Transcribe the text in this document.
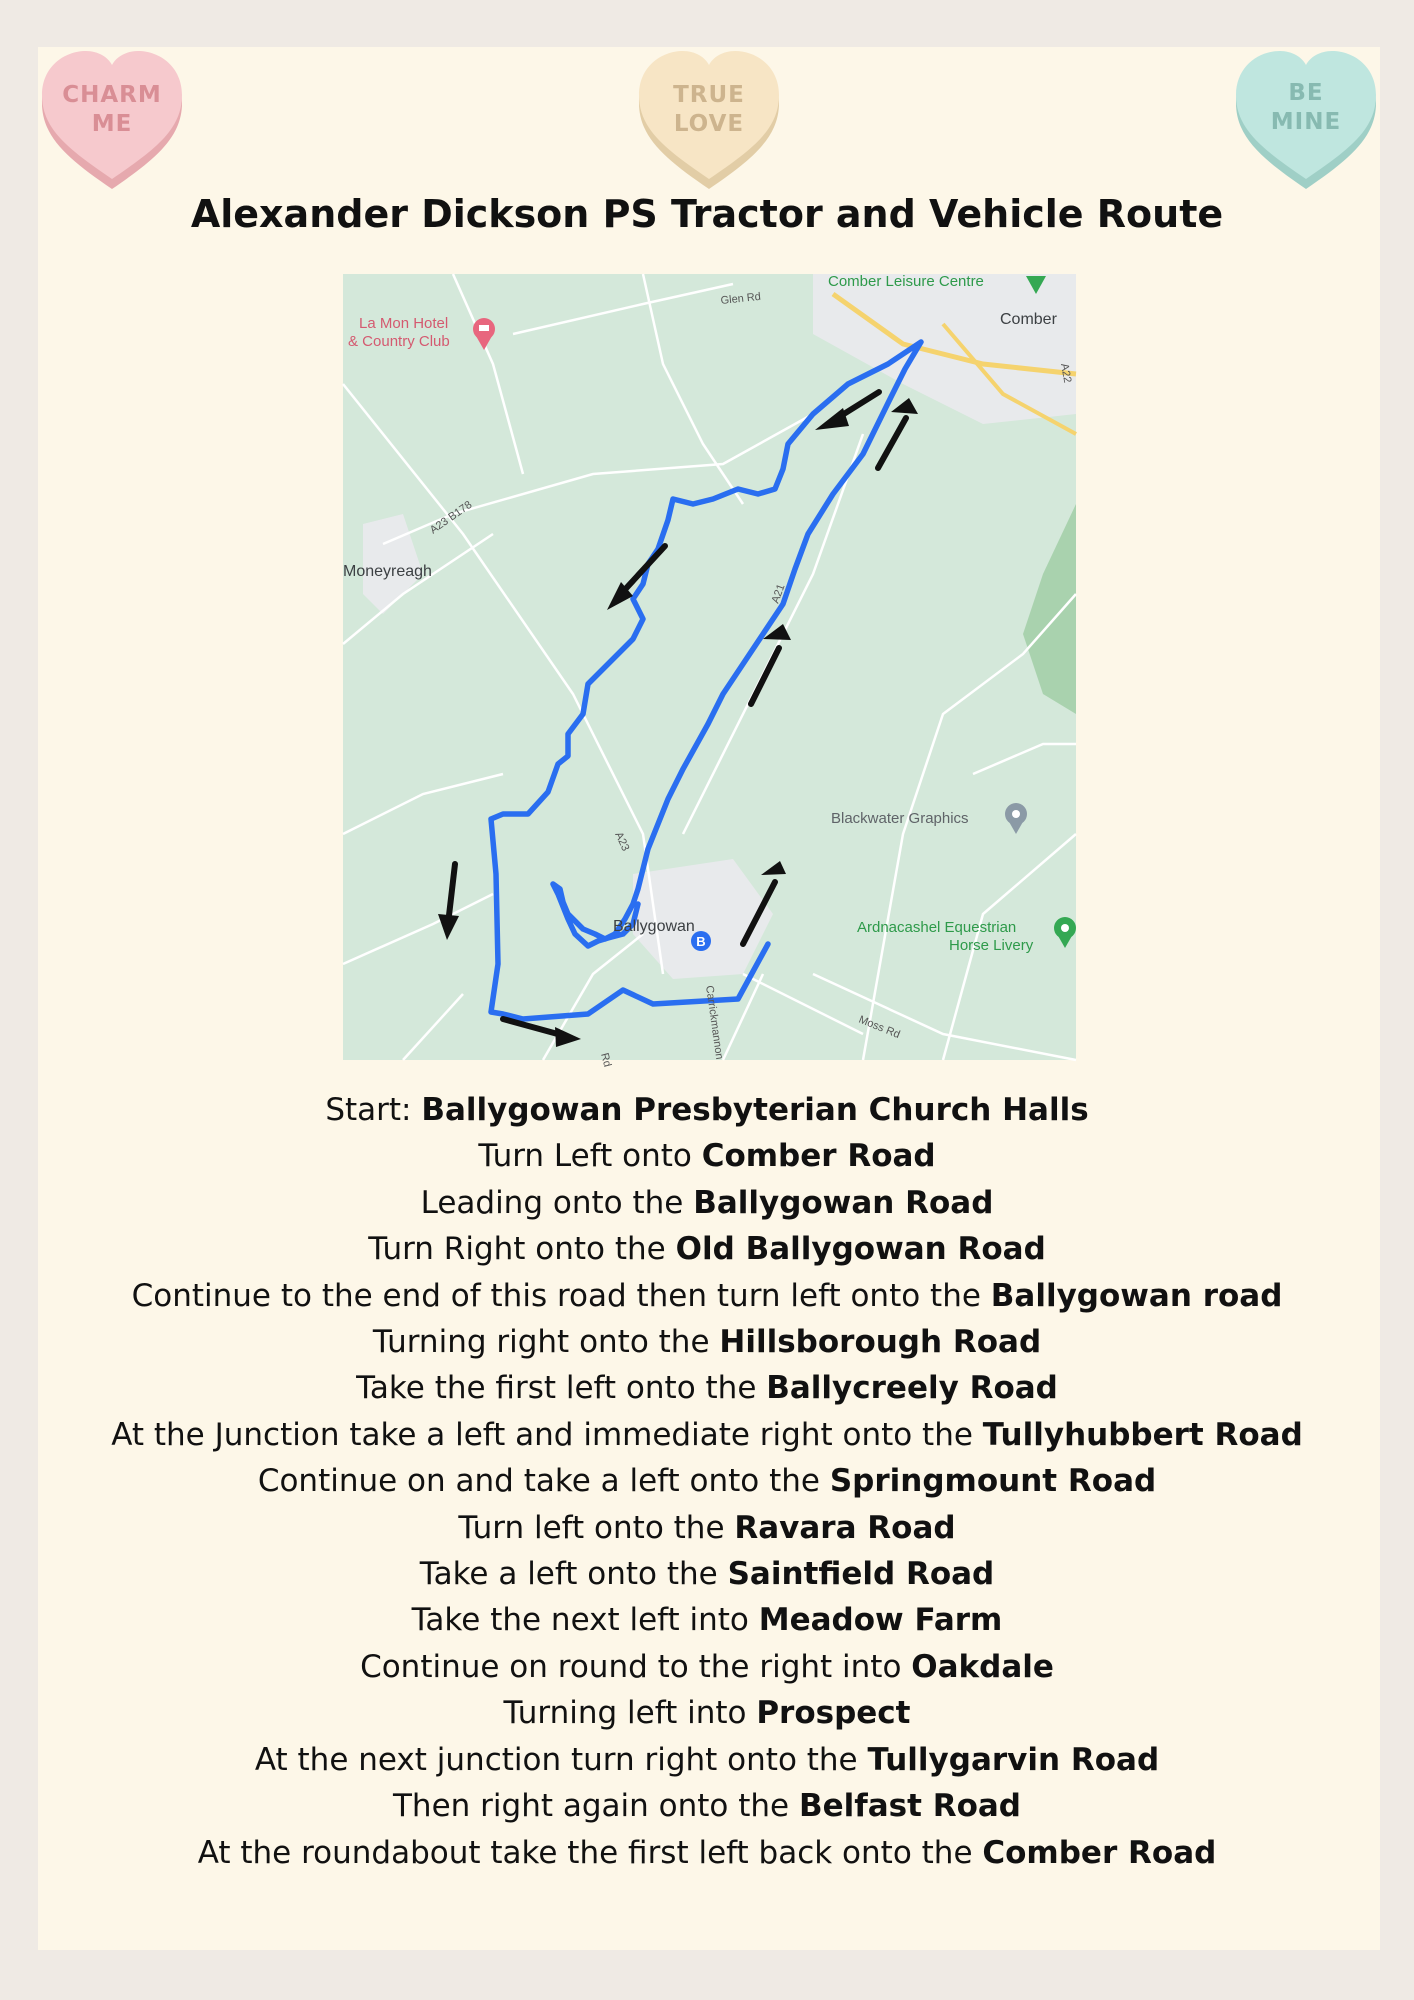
CHARM
ME
TRUE
LOVE
BE
MINE
Alexander Dickson PS Tractor and Vehicle Route
B
Comber Leisure Centre
Comber
La Mon Hotel
& Country Club
Glen Rd
Moneyreagh
A23 B178
A21
A22
A23
Blackwater Graphics
Ardnacashel Equestrian
Horse Livery
Ballygowan
Carrickmannon	Moss Rd
Rd
Start: Ballygowan Presbyterian Church Halls
Turn Left onto Comber Road
Leading onto the Ballygowan Road
Turn Right onto the Old Ballygowan Road
Continue to the end of this road then turn left onto the Ballygowan road
Turning right onto the Hillsborough Road
Take the first left onto the Ballycreely Road
At the Junction take a left and immediate right onto the Tullyhubbert Road
Continue on and take a left onto the Springmount Road
Turn left onto the Ravara Road
Take a left onto the Saintfield Road
Take the next left into Meadow Farm
Continue on round to the right into Oakdale
Turning left into Prospect
At the next junction turn right onto the Tullygarvin Road
Then right again onto the Belfast Road
At the roundabout take the first left back onto the Comber Road
